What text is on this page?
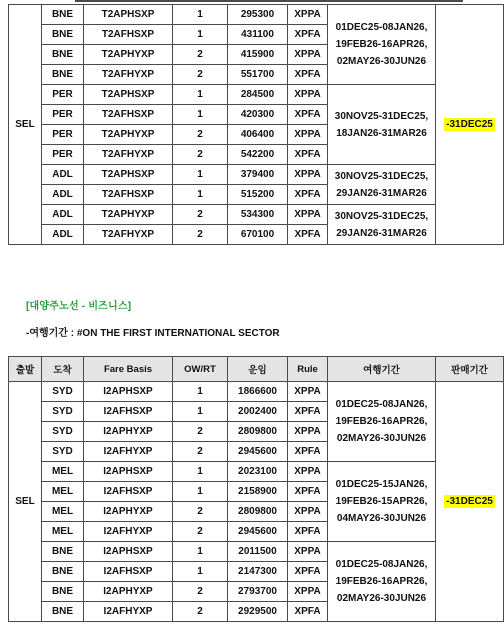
SEL	BNE	T2APHSXP	1	295300	XPPA	01DEC25-08JAN26,
19FEB26-16APR26,
02MAY26-30JUN26	-31DEC25
	BNE	T2AFHSXP	1	431100	XPFA		
	BNE	T2APHYXP	2	415900	XPPA		
	BNE	T2AFHYXP	2	551700	XPFA		
	PER	T2APHSXP	1	284500	XPPA	30NOV25-31DEC25,
18JAN26-31MAR26	
	PER	T2AFHSXP	1	420300	XPFA		
	PER	T2APHYXP	2	406400	XPPA		
	PER	T2AFHYXP	2	542200	XPFA		
	ADL	T2APHSXP	1	379400	XPPA	30NOV25-31DEC25,
29JAN26-31MAR26	
	ADL	T2AFHSXP	1	515200	XPFA		
	ADL	T2APHYXP	2	534300	XPPA	30NOV25-31DEC25,
29JAN26-31MAR26	
	ADL	T2AFHYXP	2	670100	XPFA		
[대양주노선 - 비즈니스]
-여행기간 : #ON THE FIRST INTERNATIONAL SECTOR
출발	도착	Fare Basis	OW/RT	운임	Rule	여행기간	판매기간
SEL	SYD	I2APHSXP	1	1866600	XPPA	01DEC25-08JAN26,
19FEB26-16APR26,
02MAY26-30JUN26	-31DEC25
	SYD	I2AFHSXP	1	2002400	XPFA		
	SYD	I2APHYXP	2	2809800	XPPA		
	SYD	I2AFHYXP	2	2945600	XPFA		
	MEL	I2APHSXP	1	2023100	XPPA	01DEC25-15JAN26,
19FEB26-15APR26,
04MAY26-30JUN26	
	MEL	I2AFHSXP	1	2158900	XPFA		
	MEL	I2APHYXP	2	2809800	XPPA		
	MEL	I2AFHYXP	2	2945600	XPFA		
	BNE	I2APHSXP	1	2011500	XPPA	01DEC25-08JAN26,
19FEB26-16APR26,
02MAY26-30JUN26	
	BNE	I2AFHSXP	1	2147300	XPFA		
	BNE	I2APHYXP	2	2793700	XPPA		
	BNE	I2AFHYXP	2	2929500	XPFA		
